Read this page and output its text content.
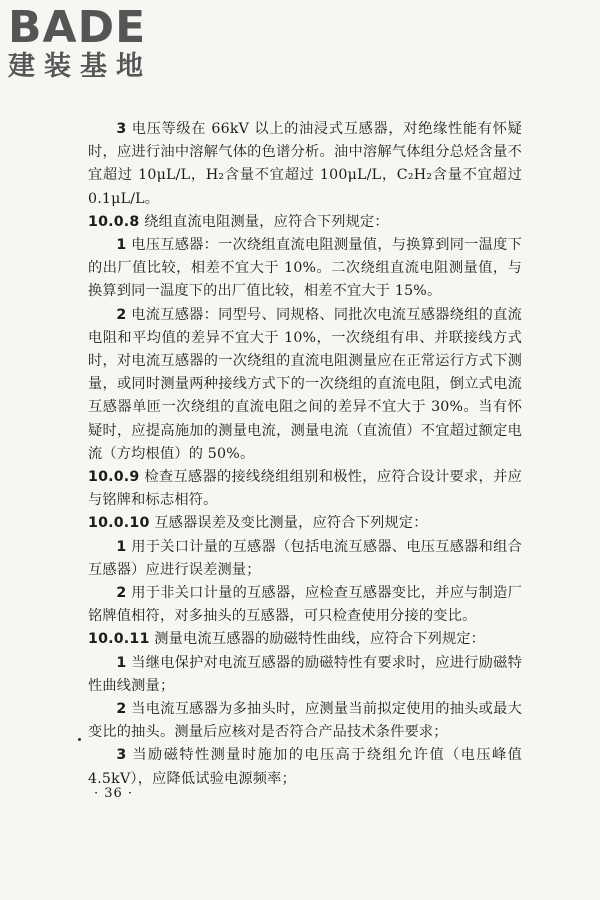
BADE
建装基地

3 电压等级在 66kV 以上的油浸式互感器，对绝缘性能有怀疑时，应进行油中溶解气体的色谱分析。油中溶解气体组分总烃含量不宜超过 10μL/L，H₂含量不宜超过 100μL/L，C₂H₂含量不宜超过 0.1μL/L。

10.0.8 绕组直流电阻测量，应符合下列规定：

1 电压互感器：一次绕组直流电阻测量值，与换算到同一温度下的出厂值比较，相差不宜大于 10%。二次绕组直流电阻测量值，与换算到同一温度下的出厂值比较，相差不宜大于 15%。

2 电流互感器：同型号、同规格、同批次电流互感器绕组的直流电阻和平均值的差异不宜大于 10%，一次绕组有串、并联接线方式时，对电流互感器的一次绕组的直流电阻测量应在正常运行方式下测量，或同时测量两种接线方式下的一次绕组的直流电阻，倒立式电流互感器单匝一次绕组的直流电阻之间的差异不宜大于 30%。当有怀疑时，应提高施加的测量电流，测量电流（直流值）不宜超过额定电流（方均根值）的 50%。

10.0.9 检查互感器的接线绕组组别和极性，应符合设计要求，并应与铭牌和标志相符。

10.0.10 互感器误差及变比测量，应符合下列规定：

1 用于关口计量的互感器（包括电流互感器、电压互感器和组合互感器）应进行误差测量；

2 用于非关口计量的互感器，应检查互感器变比，并应与制造厂铭牌值相符，对多抽头的互感器，可只检查使用分接的变比。

10.0.11 测量电流互感器的励磁特性曲线，应符合下列规定：

1 当继电保护对电流互感器的励磁特性有要求时，应进行励磁特性曲线测量；

2 当电流互感器为多抽头时，应测量当前拟定使用的抽头或最大变比的抽头。测量后应核对是否符合产品技术条件要求；

3 当励磁特性测量时施加的电压高于绕组允许值（电压峰值 4.5kV），应降低试验电源频率；

· 36 ·
